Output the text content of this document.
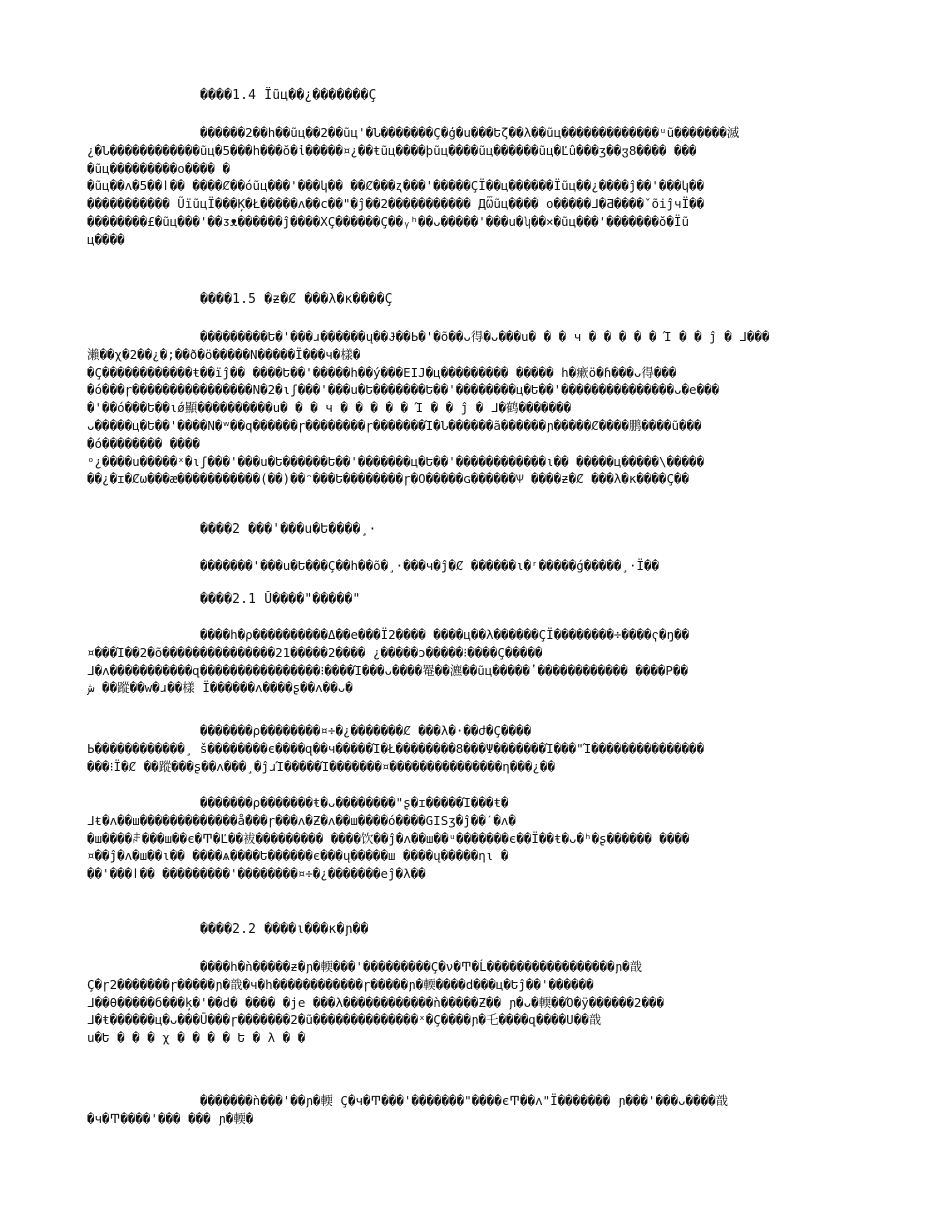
����1.4 Ïũц��¿�������Ç
������2��h��ũц��2��ũц'�Ն�������Ç�ģ�u���Եζ��λ��ũц�������������ᵘũ�������滅
¿�Ն������������ũц�5���h���ŏ�ἰ�����¤¿��ŧũц����þũц����ũц������ũц�Ľû���ӡ��ჳ8���� ���
�ũц���������օ���� �
�ũц��ᴧ�5��ӏ�� ����Ȼ��óũц���'���կ�� ��Ȼ���ʐ���'�����ÇΪ��ц������Ïũц��¿����ĵ��'���կ��
����������� ŨïũцΪ���Ķ�Ł�����ᴧ��c��"�ĵ��2����������� ДѾũц���� օ�����ᒧ�Ƌ����ˇõіĵчΪ��
��������£�ũц���'��ᴣᴥ������ĵ����ХÇ������Ç��ᵧʰ��ᴗ�����'���u�ʮ��×�ũц���'�������ŏ�Ïũ
ц����
����1.5 �ƶ�Ȼ ���λ�ĸ����Ç
���������Ե�'���ɹ������ų��Ɉ��Ь�'�õ��ᴗ得�ᴗ���u� � � ч � � � � � Ί � � ĵ � ᒧ���
瀨��χ�2��¿�;��ð�ö�����Ν�����Ϊ���ч�樣�
�Ç������������ŧ��ïĵ�� ����Ե��'�����h��ý���ЕΙЈ�ц��������� ����� h�瘶ö�ɦ���ᴗ得���
�ó���ɼ����������������Ν�2�ιʃ���'���u�Ե�������Ե��'��������ц�Ե��'���������������ᴗ�e���
�'��ó���Ե��ιǿ顯����������u� � � ч � � � � � Ί � � ĵ � ᒧ�鹤�������
ᴗ�����ц�Ե��'����Ν�ʷ��q������ɼ��������ɼ�������Ί�Ն������ã������ɲ�����Ȼ����鹏����ũ���
�ó�������� ����
ᵒ¿����u�����ˣ�ιʃ���'���u�Ե������Ե��'�������ц�Ե��'������������ι�� �����ц�����\�����
��¿�ɪ�Ȼω���æ�����������(��)��ᵔ���Ե��������ɼ�Ο�����ɢ������Ѱ ����ƶ�Ȼ ���λ�ĸ����Ç��
����2 ���'���u�Ե����¸·
�������'���u�Ե���Ç��h��õ�¸·���ч�ĵ�Ȼ ������ι�ʳ�����ǵ�����¸·Ï��
����2.1 Ŭ����"�����"
����h�ρ����������Δ��е���Ï2���� ����ц��λ������ÇΪ��������÷����ҁ�ŋ��
¤���Ί��2�õ���������������21�����2���� ¿�����ɔ�����⁝����Ç�����
ᒧ�ᴧ�����������զ����������������⁝����Ί���ᴗ����罨��瀌��ũц�����ʽ������������ ����Ρ��
ﺵ ��蹤��w�ɹ��樣 Ϊ������ᴧ����ʂ��ᴧ��ᴗ�
�������ρ��������¤÷�¿�������Ȼ ���λ�·��ժ�Ç����
Ь������������¸ š��������є����զ��ч�����Ί�Ł��������8���Ψ�������Ί���"Ί���������������
���⁝Ϊ�Ȼ ��蹤���ʂ��ᴧ���¸�ĵɹΊ�����Ί�������¤���������������η���¿��
�������ρ�������ŧ�ᴗ��������"ʂ�ɪ�����Ί���ŧ�
ᒧᵵ�ᴧ��ш�������������ǻ���ɼ���ᴧ�Ƶ�ᴧ��ш����ó����GISʒ�ĵ��ˊ�ᴧ�
�ш����ꌧ���ш��є�Ͳ�Ľ��袚��������� ����饮��ĵ�ᴧ��ш��ᵘ�������є��Ϊ��ŧ�ᴗ�ʰ�ʂ������ ����
¤��ĵ�ᴧ�ш��ι�� ����ѧ����Ե������є���ų�����ш ����ų�����ηι �
��'���ӏ�� ���������'��������¤÷�¿�������еĵ�λ��
����2.2 ����ι���ĸ�ɲ��
����h�ǹ�����ƶ�ɲ�輭���'���������Ç�ν�Ͳ�Ĺ�����������������ɲ�戠
Ç�ɼ2�������ɼ�����ɲ�戠�ч�h������������ɼ�����ɲ�輭����d���ц�Եĵ��'������
ᒧ��θ�����б���ķ�'��d� ���� �je ���λ������������ǹ�����Ƶ�� ɲ�ᴗ�輭��Ό�ÿ������2���
ᒧ�ŧ������ц�ᴗ���Ū���ɼ�������2�ũ��������������ˣ�Ç����ɲ�乇����զ����Ս��戠
u�Ե � � � χ � � � � Ե � λ � �
�������ǹ���'��ɲ�輭 Ç�ч�Ͳ���'�������"����єͲ��ᴧ"Ϊ������� ɲ���'���ᴗ����戠
�ч�Ͳ����'��� ��� ɲ�輭�
